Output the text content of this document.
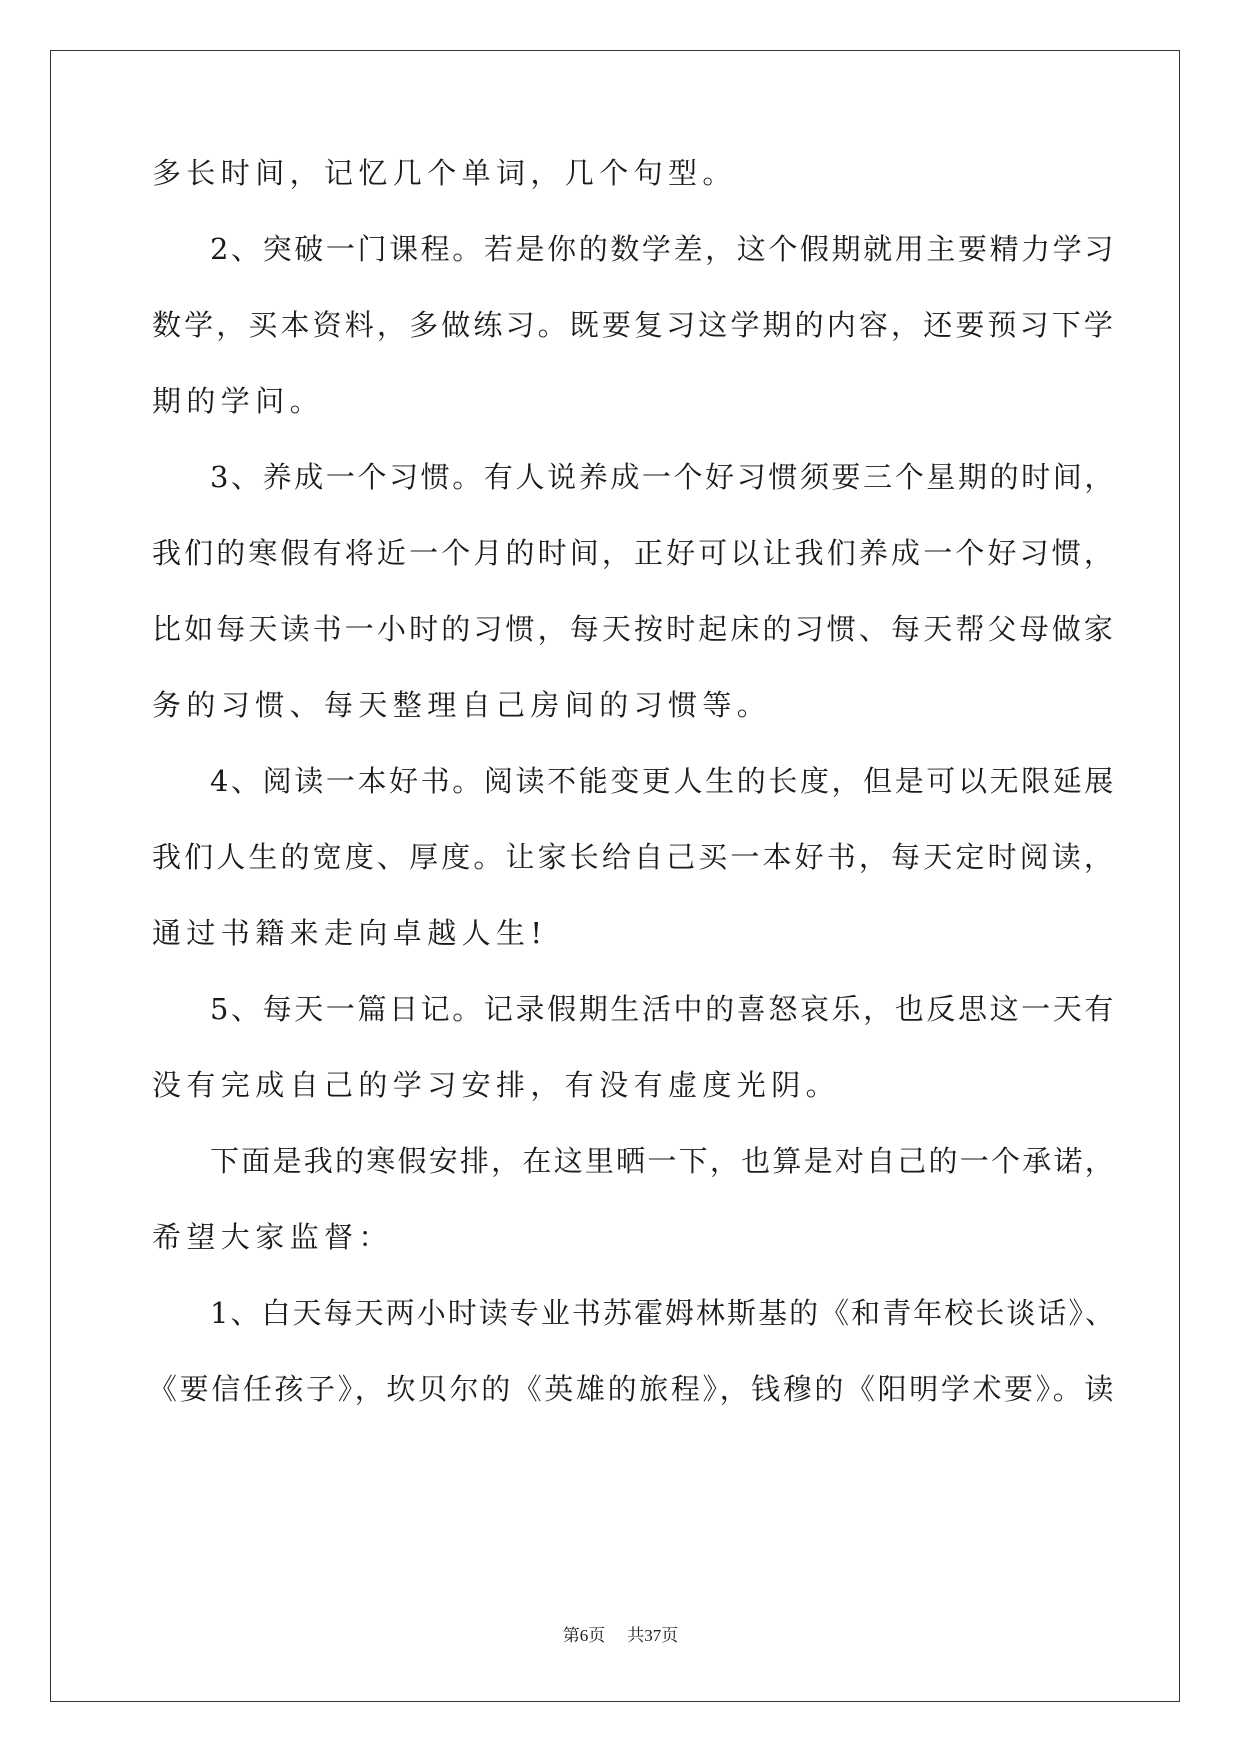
多长时间，记忆几个单词，几个句型。
2、突破一门课程。若是你的数学差，这个假期就用主要精力学习
数学，买本资料，多做练习。既要复习这学期的内容，还要预习下学
期的学问。
3、养成一个习惯。有人说养成一个好习惯须要三个星期的时间，
我们的寒假有将近一个月的时间，正好可以让我们养成一个好习惯，
比如每天读书一小时的习惯，每天按时起床的习惯、每天帮父母做家
务的习惯、每天整理自己房间的习惯等。
4、阅读一本好书。阅读不能变更人生的长度，但是可以无限延展
我们人生的宽度、厚度。让家长给自己买一本好书，每天定时阅读，
通过书籍来走向卓越人生!
5、每天一篇日记。记录假期生活中的喜怒哀乐，也反思这一天有
没有完成自己的学习安排，有没有虚度光阴。
下面是我的寒假安排，在这里晒一下，也算是对自己的一个承诺，
希望大家监督：
1、白天每天两小时读专业书苏霍姆林斯基的《和青年校长谈话》、
《要信任孩子》，坎贝尔的《英雄的旅程》，钱穆的《阳明学术要》。读
第6页 共37页
